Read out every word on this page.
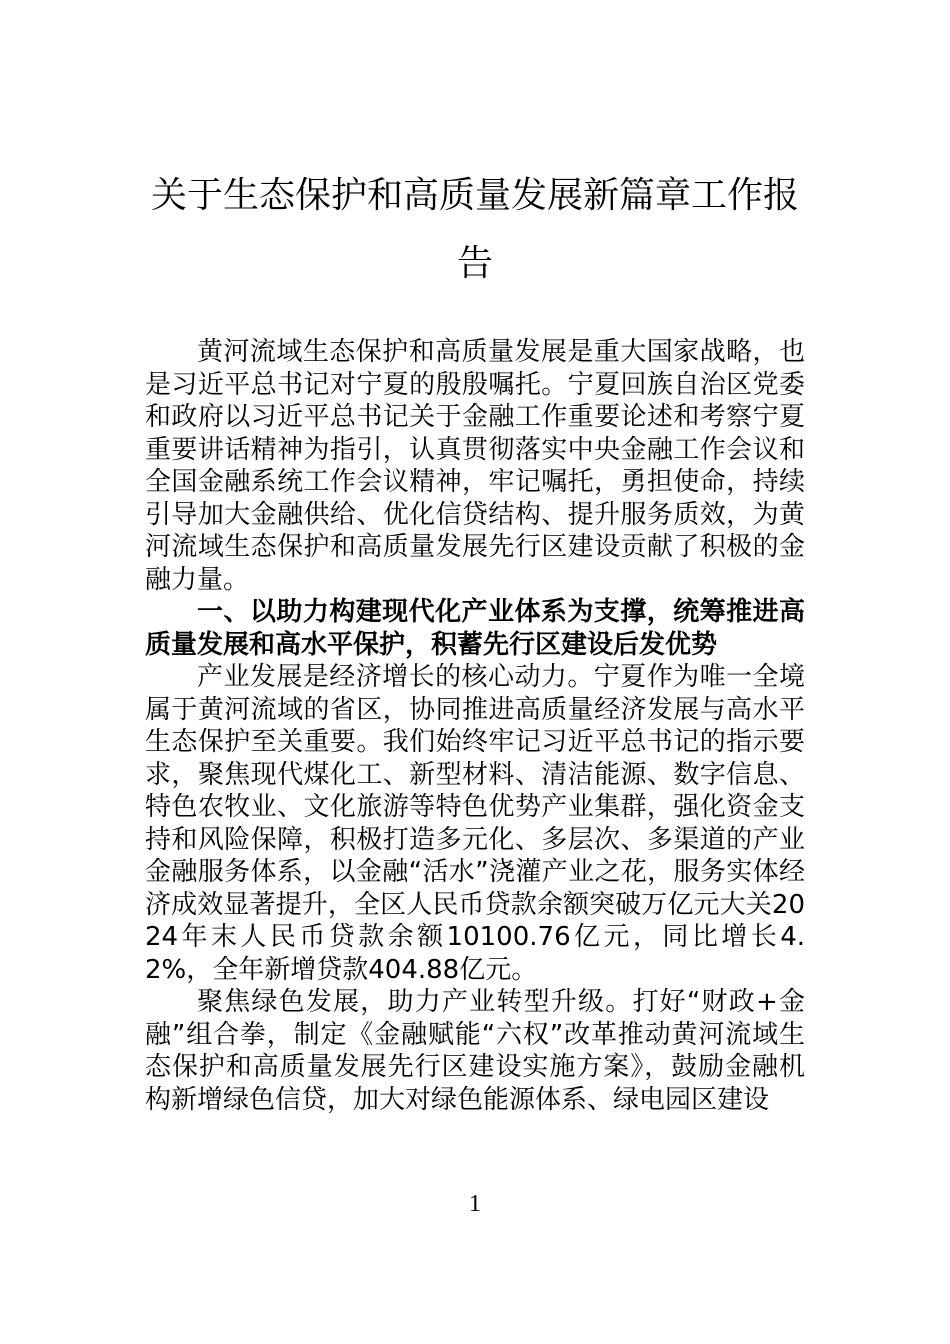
关于生态保护和高质量发展新篇章工作报告

黄河流域生态保护和高质量发展是重大国家战略，也是习近平总书记对宁夏的殷殷嘱托。宁夏回族自治区党委和政府以习近平总书记关于金融工作重要论述和考察宁夏重要讲话精神为指引，认真贯彻落实中央金融工作会议和全国金融系统工作会议精神，牢记嘱托，勇担使命，持续引导加大金融供给、优化信贷结构、提升服务质效，为黄河流域生态保护和高质量发展先行区建设贡献了积极的金融力量。

一、以助力构建现代化产业体系为支撑，统筹推进高质量发展和高水平保护，积蓄先行区建设后发优势

产业发展是经济增长的核心动力。宁夏作为唯一全境属于黄河流域的省区，协同推进高质量经济发展与高水平生态保护至关重要。我们始终牢记习近平总书记的指示要求，聚焦现代煤化工、新型材料、清洁能源、数字信息、特色农牧业、文化旅游等特色优势产业集群，强化资金支持和风险保障，积极打造多元化、多层次、多渠道的产业金融服务体系，以金融“活水”浇灌产业之花，服务实体经济成效显著提升，全区人民币贷款余额突破万亿元大关2024年末人民币贷款余额10100.76亿元，同比增长4.2%，全年新增贷款404.88亿元。

聚焦绿色发展，助力产业转型升级。打好“财政+金融”组合拳，制定《金融赋能“六权”改革推动黄河流域生态保护和高质量发展先行区建设实施方案》，鼓励金融机构新增绿色信贷，加大对绿色能源体系、绿电园区建设

1
